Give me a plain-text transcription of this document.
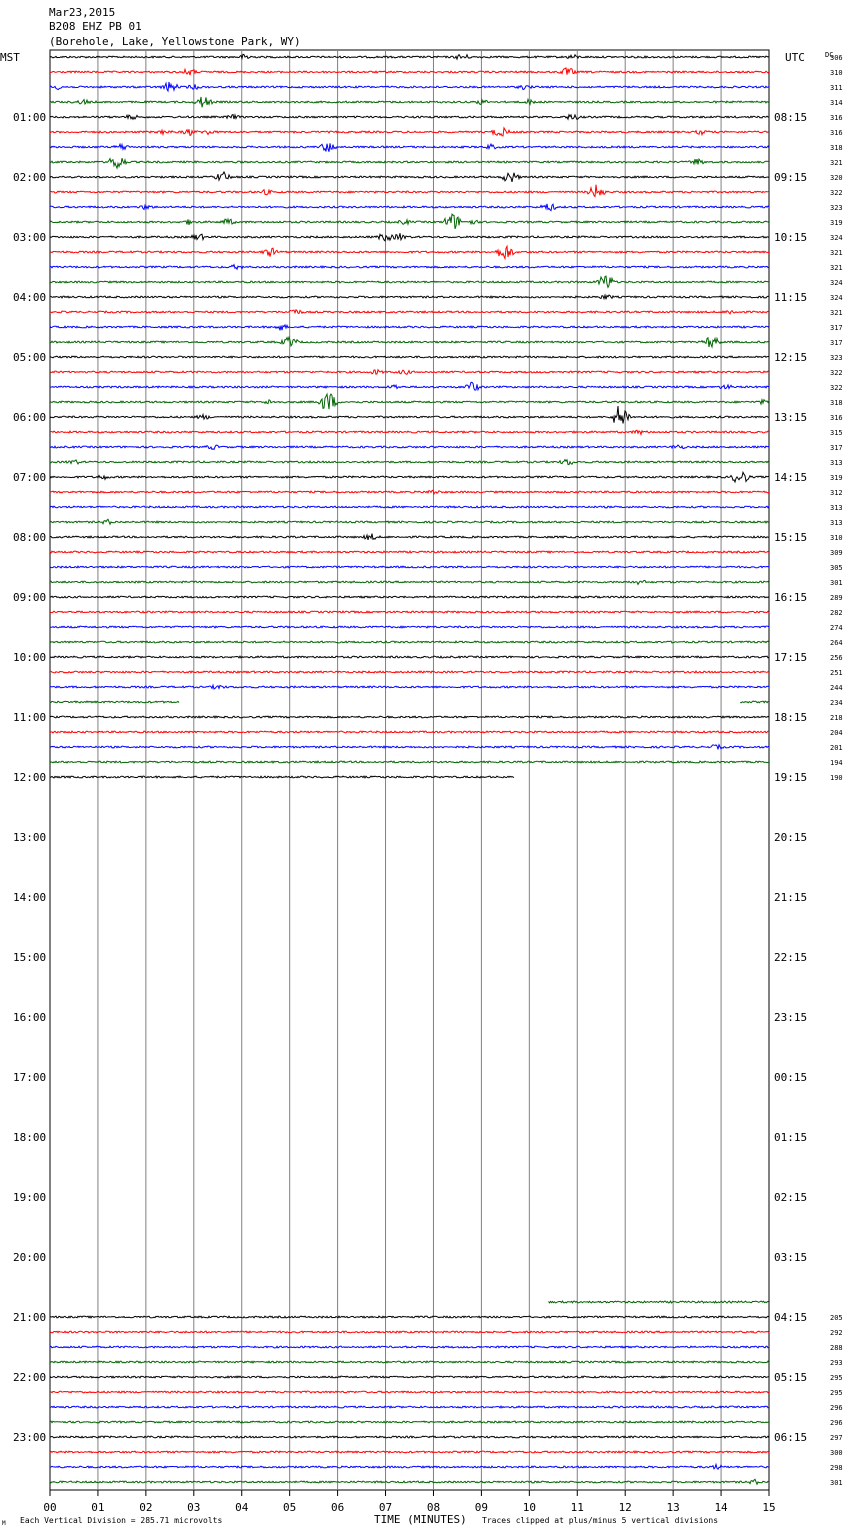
Mar23,2015
B208 EHZ PB 01
(Borehole, Lake, Yellowstone Park, WY)
MST	UTC	DC
01:00	08:15
02:00	09:15
03:00	10:15
04:00	11:15
05:00	12:15
06:00	13:15
07:00	14:15
08:00	15:15
09:00	16:15
10:00	17:15
11:00	18:15
12:00	19:15
13:00	20:15
14:00	21:15
15:00	22:15
16:00	23:15
17:00	00:15
18:00	01:15
19:00	02:15
20:00	03:15
21:00	04:15
22:00	05:15
23:00	06:15
306
310
311
314
316
316
318
321
320
322
323
319
324
321
321
324
324
321
317
317
323
322
322
318
316
315
317
313
319
312
313
313
310
309
305
301
289
282
274
264
256
251
244
234
218
204
201
194
190
205
292
288
293
295
295
296
296
297
300
298
301
00	01	02	03	04	05	06	07	08	09	10	11	12	13	14	15
M Each Vertical Division = 285.71 microvolts	TIME (MINUTES) Traces clipped at plus/minus 5 vertical divisions
